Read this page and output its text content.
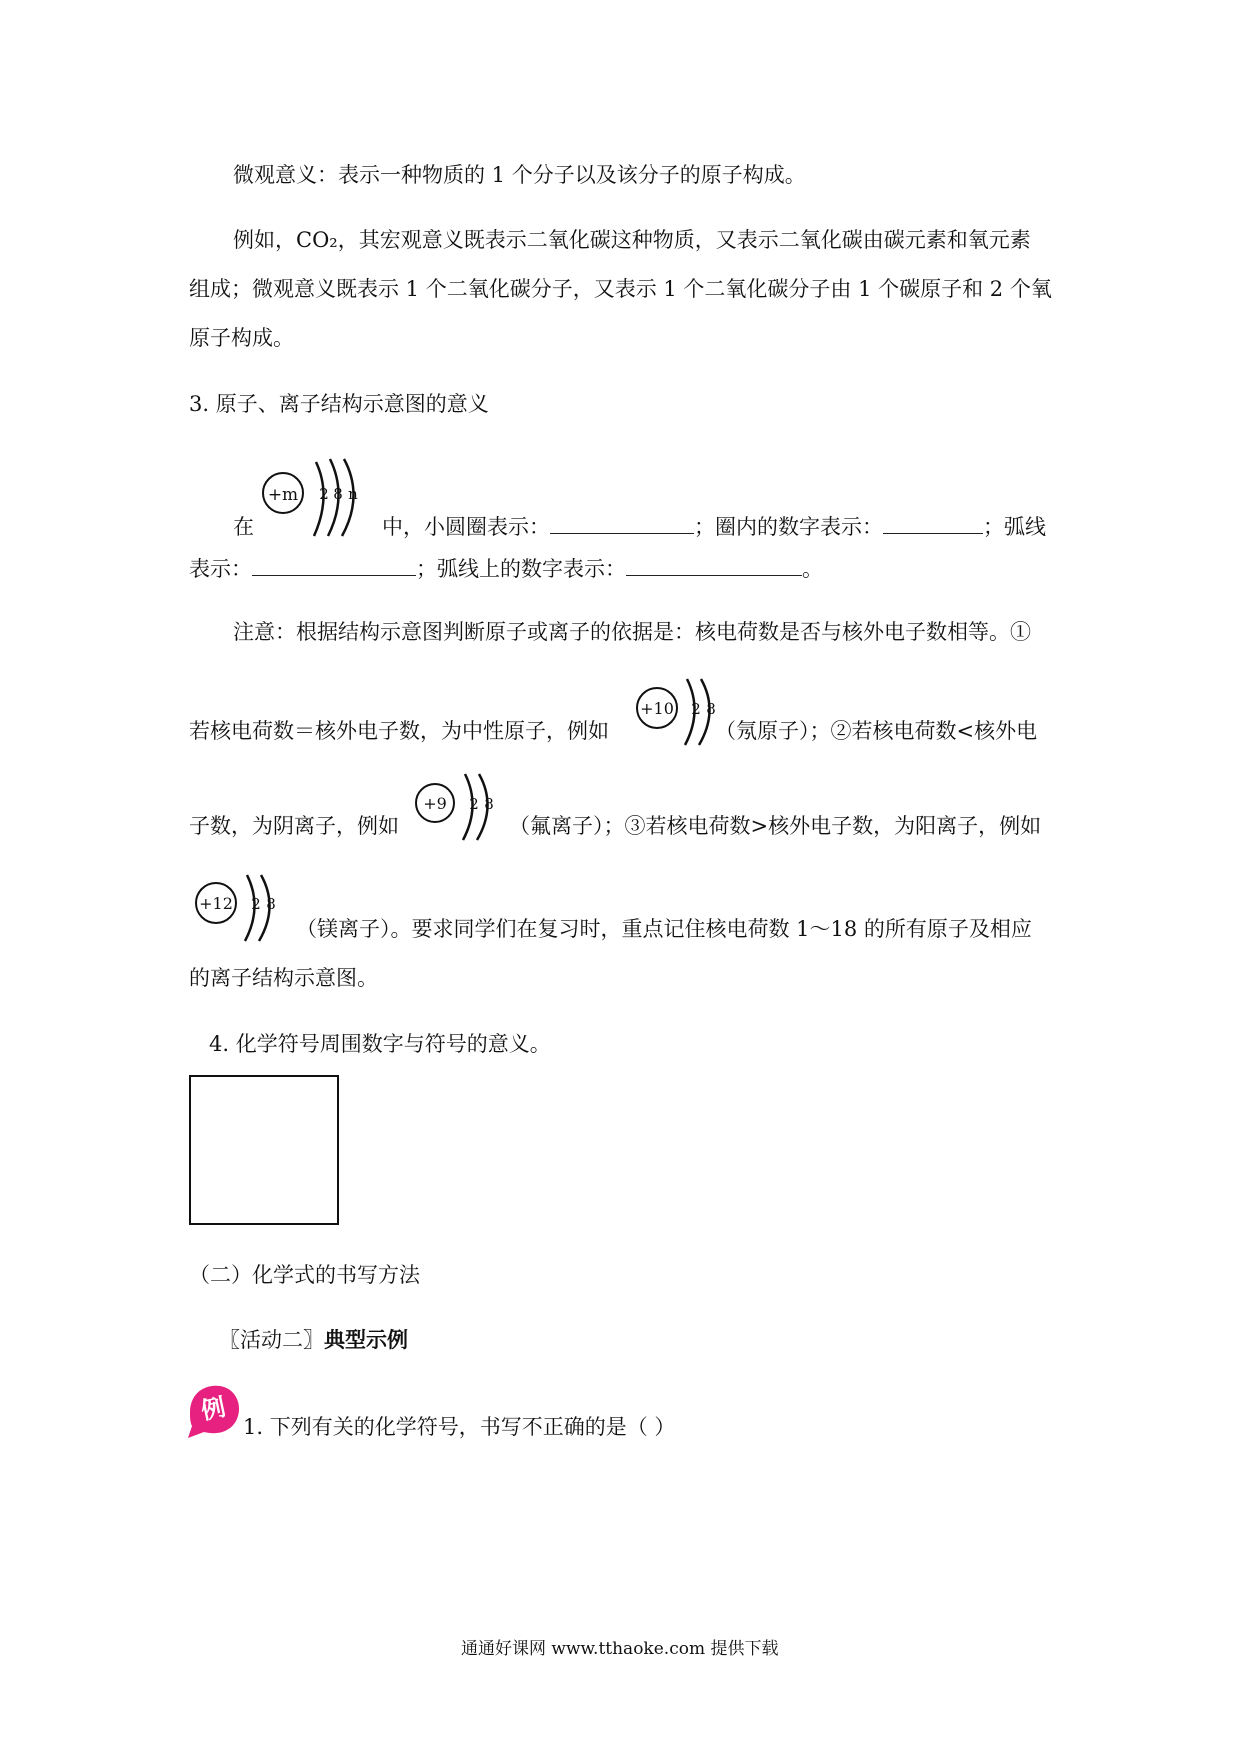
微观意义：表示一种物质的 1 个分子以及该分子的原子构成。
例如，CO₂，其宏观意义既表示二氧化碳这种物质，又表示二氧化碳由碳元素和氧元素
组成；微观意义既表示 1 个二氧化碳分子，又表示 1 个二氧化碳分子由 1 个碳原子和 2 个氧
原子构成。
3. 原子、离子结构示意图的意义
+m 2 8 n
在	中，小圆圈表示：	；圈内的数字表示：	；弧线
表示：	；弧线上的数字表示：	。
注意：根据结构示意图判断原子或离子的依据是：核电荷数是否与核外电子数相等。①
若核电荷数＝核外电子数，为中性原子，例如	（氖原子）；②若核电荷数<核外电
+10 2 8
子数，为阴离子，例如	（氟离子）；③若核电荷数>核外电子数，为阳离子，例如
+9 2 8
+12 2 8
（镁离子）。要求同学们在复习时，重点记住核电荷数 1～18 的所有原子及相应
的离子结构示意图。
4. 化学符号周围数字与符号的意义。
（二）化学式的书写方法
〖活动二〗典型示例
例
1. 下列有关的化学符号，书写不正确的是（ ）
通通好课网 www.tthaoke.com 提供下载
